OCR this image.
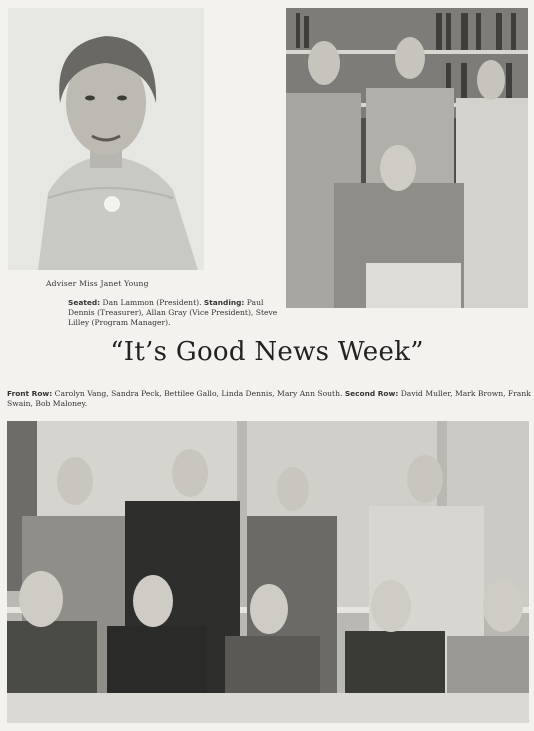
Adviser Miss Janet Young
Seated: Dan Lammon (President). Standing: Paul Dennis (Treasurer), Allan Gray (Vice President), Steve Lilley (Program Manager).
“It’s Good News Week”
Front Row: Carolyn Vang, Sandra Peck, Bettilee Gallo, Linda Dennis, Mary Ann South. Second Row: David Muller, Mark Brown, Frank Swain, Bob Maloney.
